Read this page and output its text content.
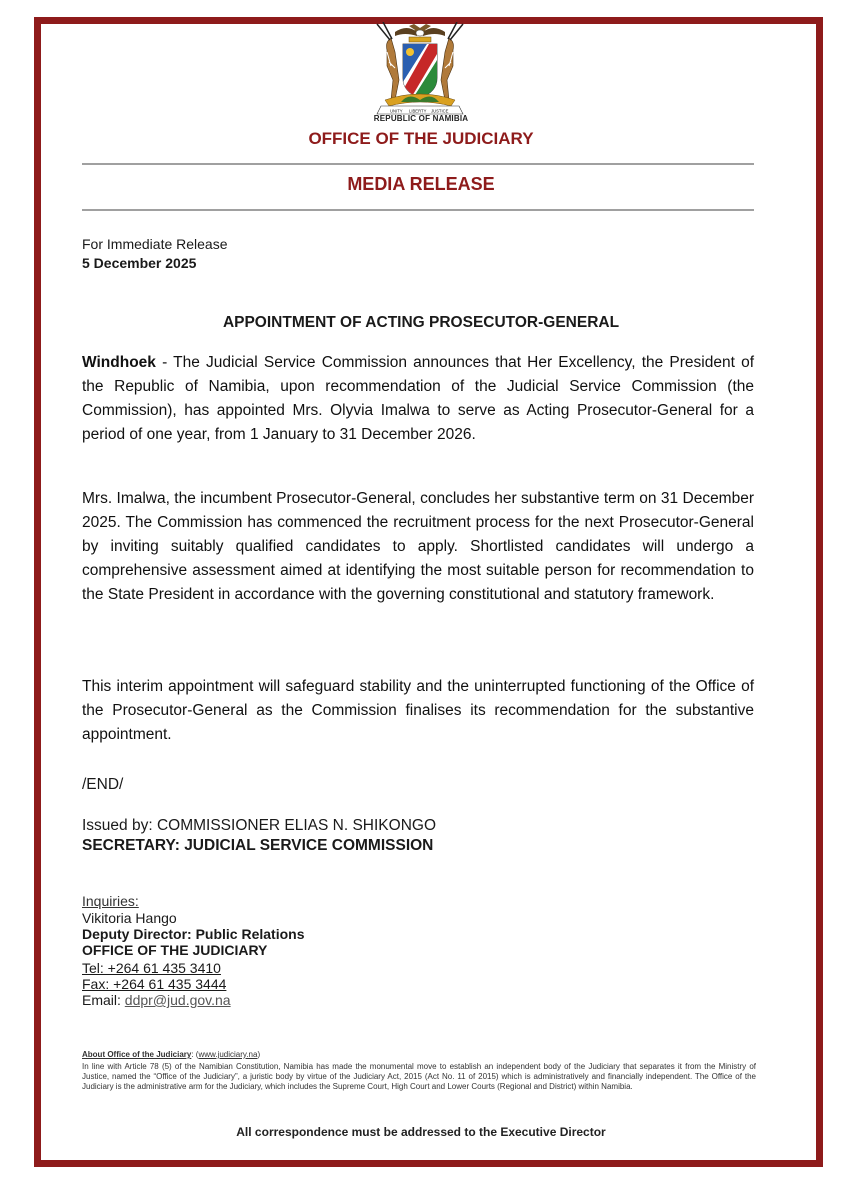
UNITY LIBERTY JUSTICE
REPUBLIC OF NAMIBIA
OFFICE OF THE JUDICIARY
MEDIA RELEASE
For Immediate Release
5 December 2025
APPOINTMENT OF ACTING PROSECUTOR-GENERAL
Windhoek - The Judicial Service Commission announces that Her Excellency, the President of the Republic of Namibia, upon recommendation of the Judicial Service Commission (the Commission), has appointed Mrs. Olyvia Imalwa to serve as Acting Prosecutor-General for a period of one year, from 1 January to 31 December 2026.
Mrs. Imalwa, the incumbent Prosecutor-General, concludes her substantive term on 31 December 2025. The Commission has commenced the recruitment process for the next Prosecutor-General by inviting suitably qualified candidates to apply. Shortlisted candidates will undergo a comprehensive assessment aimed at identifying the most suitable person for recommendation to the State President in accordance with the governing constitutional and statutory framework.
This interim appointment will safeguard stability and the uninterrupted functioning of the Office of the Prosecutor-General as the Commission finalises its recommendation for the substantive appointment.
/END/
Issued by: COMMISSIONER ELIAS N. SHIKONGO
SECRETARY: JUDICIAL SERVICE COMMISSION
Inquiries:
Vikitoria Hango
Deputy Director: Public Relations
OFFICE OF THE JUDICIARY
Tel: +264 61 435 3410
Fax: +264 61 435 3444
Email: ddpr@jud.gov.na
About Office of the Judiciary: (www.judiciary.na)
In line with Article 78 (5) of the Namibian Constitution, Namibia has made the monumental move to establish an independent body of the Judiciary that separates it from the Ministry of Justice, named the “Office of the Judiciary”, a juristic body by virtue of the Judiciary Act, 2015 (Act No. 11 of 2015) which is administratively and financially independent. The Office of the Judiciary is the administrative arm for the Judiciary, which includes the Supreme Court, High Court and Lower Courts (Regional and District) within Namibia.
All correspondence must be addressed to the Executive Director
